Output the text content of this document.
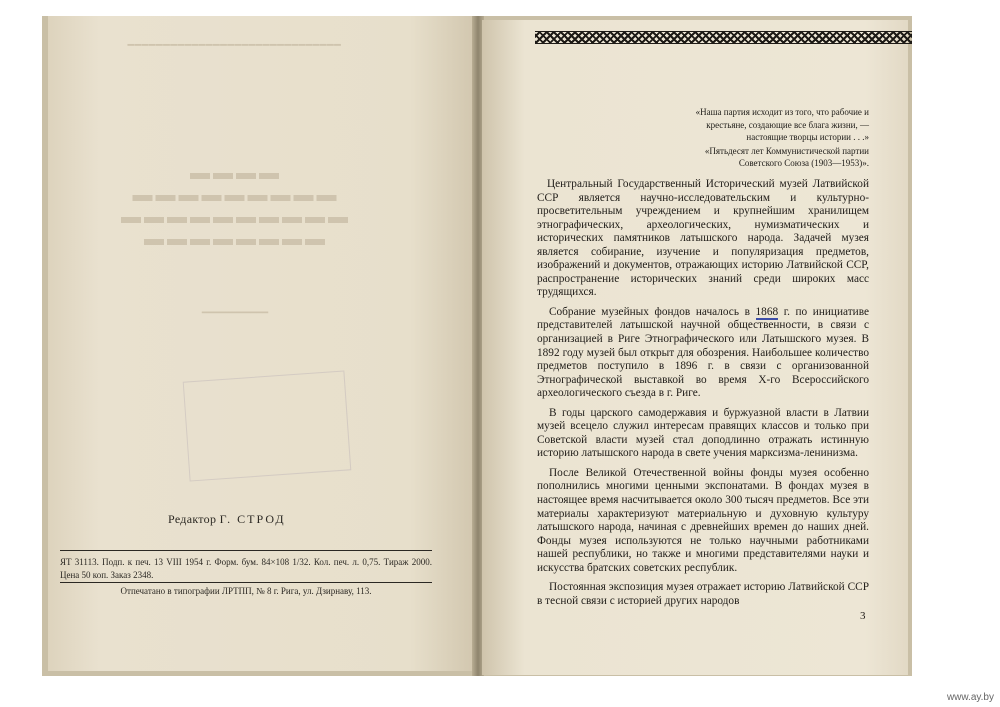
━━━━━━━━━━━━━━━━━━━━━━━━━━━━━━
▬▬▬▬▬▬▬▬
▬▬▬▬▬▬▬▬▬▬
▬▬▬▬▬▬▬▬▬
▬▬▬▬
━━━━━━━━━━━
Редактор Г. СТРОД
ЯТ 31113. Подп. к печ. 13 VIII 1954 г. Форм. бум. 84×108 1/32. Кол. печ. л. 0,75. Тираж 2000. Цена 50 коп. Заказ 2348.
Отпечатано в типографии ЛРТПП, № 8 г. Рига, ул. Дзирнаву, 113.

«Наша партия исходит из того, что рабочие и крестьяне, создающие все блага жизни, — настоящие творцы истории . . .»

«Пятьдесят лет Коммунистической партии Советского Союза (1903—1953)».

Центральный Государственный Исторический музей Латвийской ССР является научно-исследовательским и культурно-просветительным учреждением и крупнейшим хранилищем этнографических, археологических, нумизматических и исторических памятников латышского народа. Задачей музея является собирание, изучение и популяризация предметов, изображений и документов, отражающих историю Латвийской ССР, распространение исторических знаний среди широких масс трудящихся.

Собрание музейных фондов началось в 1868 г. по инициативе представителей латышской научной общественности, в связи с организацией в Риге Этнографического или Латышского музея. В 1892 году музей был открыт для обозрения. Наибольшее количество предметов поступило в 1896 г. в связи с организованной Этнографической выставкой во время Х-го Всероссийского археологического съезда в г. Риге.

В годы царского самодержавия и буржуазной власти в Латвии музей всецело служил интересам правящих классов и только при Советской власти музей стал доподлинно отражать истинную историю латышского народа в свете учения марксизма-ленинизма.

После Великой Отечественной войны фонды музея особенно пополнились многими ценными экспонатами. В фондах музея в настоящее время насчитывается около 300 тысяч предметов. Все эти материалы характеризуют материальную и духовную культуру латышского народа, начиная с древнейших времен до наших дней. Фонды музея используются не только научными работниками нашей республики, но также и многими представителями науки и искусства братских советских республик.

Постоянная экспозиция музея отражает историю Латвийской ССР в тесной связи с историей других народов

3
www.ay.by
